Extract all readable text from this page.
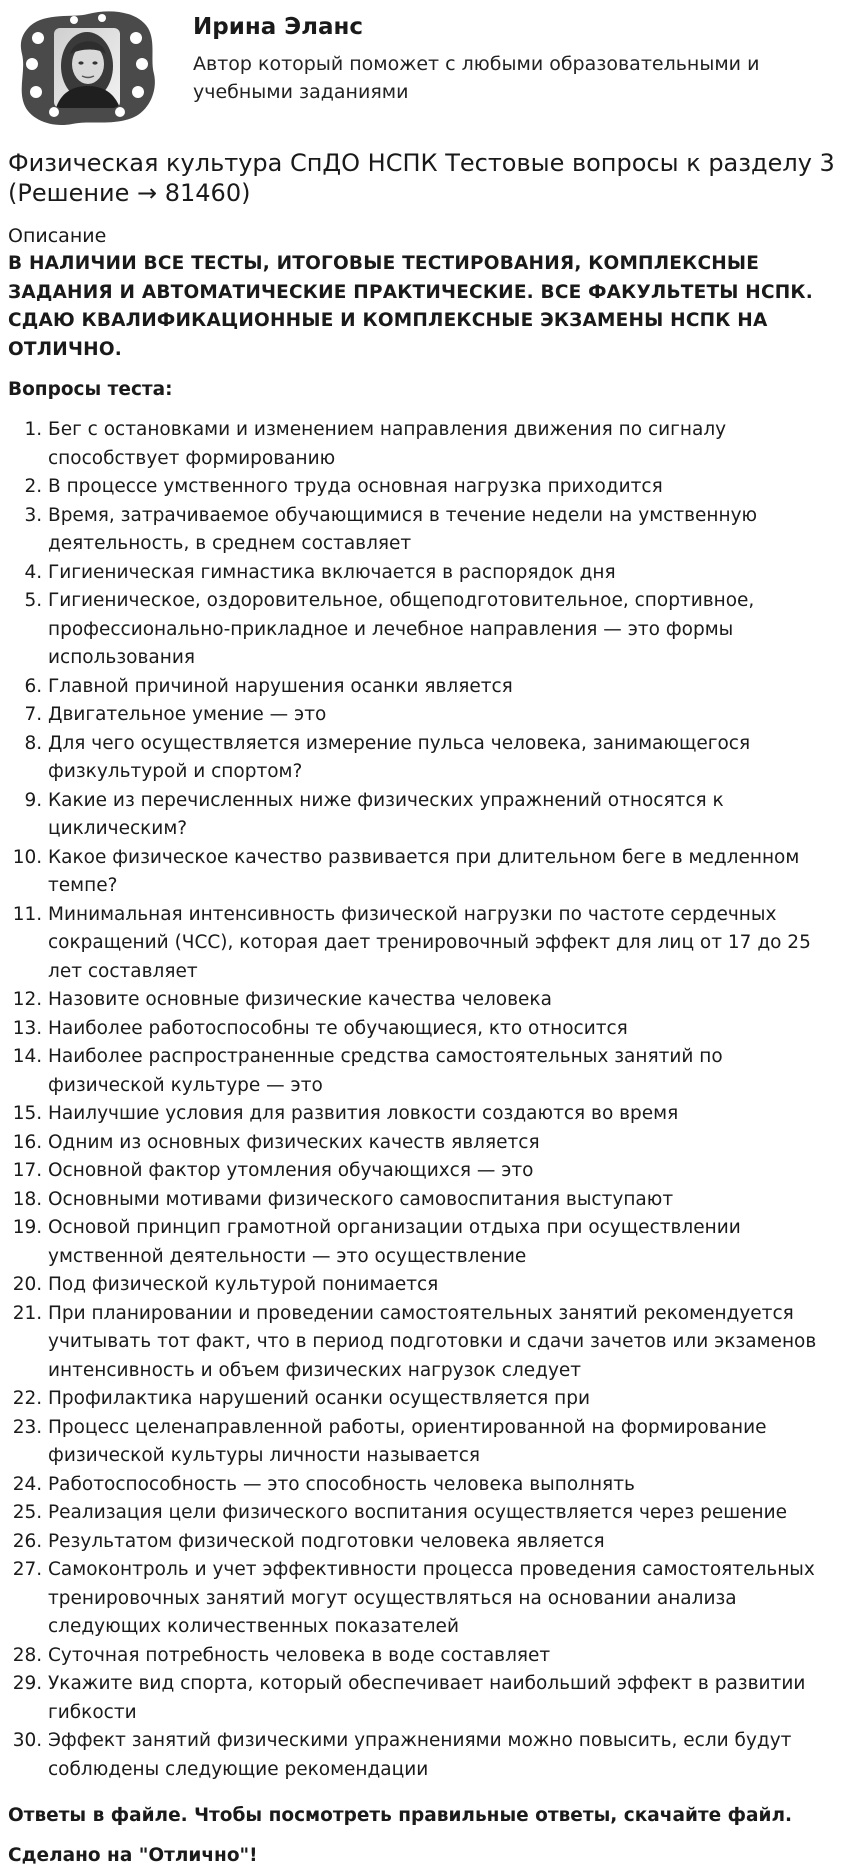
Ирина Эланс
Автор который поможет с любыми образовательными и учебными заданиями
Физическая культура СпДО НСПК Тестовые вопросы к разделу 3 (Решение → 81460)
Описание
В НАЛИЧИИ ВСЕ ТЕСТЫ, ИТОГОВЫЕ ТЕСТИРОВАНИЯ, КОМПЛЕКСНЫЕ ЗАДАНИЯ И АВТОМАТИЧЕСКИЕ ПРАКТИЧЕСКИЕ. ВСЕ ФАКУЛЬТЕТЫ НСПК. СДАЮ КВАЛИФИКАЦИОННЫЕ И КОМПЛЕКСНЫЕ ЭКЗАМЕНЫ НСПК НА ОТЛИЧНО.
Вопросы теста:
1. Бег с остановками и изменением направления движения по сигналу способствует формированию
2. В процессе умственного труда основная нагрузка приходится
3. Время, затрачиваемое обучающимися в течение недели на умственную деятельность, в среднем составляет
4. Гигиеническая гимнастика включается в распорядок дня
5. Гигиеническое, оздоровительное, общеподготовительное, спортивное, профессионально-прикладное и лечебное направления — это формы использования
6. Главной причиной нарушения осанки является
7. Двигательное умение — это
8. Для чего осуществляется измерение пульса человека, занимающегося физкультурой и спортом?
9. Какие из перечисленных ниже физических упражнений относятся к циклическим?
10. Какое физическое качество развивается при длительном беге в медленном темпе?
11. Минимальная интенсивность физической нагрузки по частоте сердечных сокращений (ЧСС), которая дает тренировочный эффект для лиц от 17 до 25 лет составляет
12. Назовите основные физические качества человека
13. Наиболее работоспособны те обучающиеся, кто относится
14. Наиболее распространенные средства самостоятельных занятий по физической культуре — это
15. Наилучшие условия для развития ловкости создаются во время
16. Одним из основных физических качеств является
17. Основной фактор утомления обучающихся — это
18. Основными мотивами физического самовоспитания выступают
19. Основой принцип грамотной организации отдыха при осуществлении умственной деятельности — это осуществление
20. Под физической культурой понимается
21. При планировании и проведении самостоятельных занятий рекомендуется учитывать тот факт, что в период подготовки и сдачи зачетов или экзаменов интенсивность и объем физических нагрузок следует
22. Профилактика нарушений осанки осуществляется при
23. Процесс целенаправленной работы, ориентированной на формирование физической культуры личности называется
24. Работоспособность — это способность человека выполнять
25. Реализация цели физического воспитания осуществляется через решение
26. Результатом физической подготовки человека является
27. Самоконтроль и учет эффективности процесса проведения самостоятельных тренировочных занятий могут осуществляться на основании анализа следующих количественных показателей
28. Суточная потребность человека в воде составляет
29. Укажите вид спорта, который обеспечивает наибольший эффект в развитии гибкости
30. Эффект занятий физическими упражнениями можно повысить, если будут соблюдены следующие рекомендации
Ответы в файле. Чтобы посмотреть правильные ответы, скачайте файл.
Сделано на "Отлично"!
